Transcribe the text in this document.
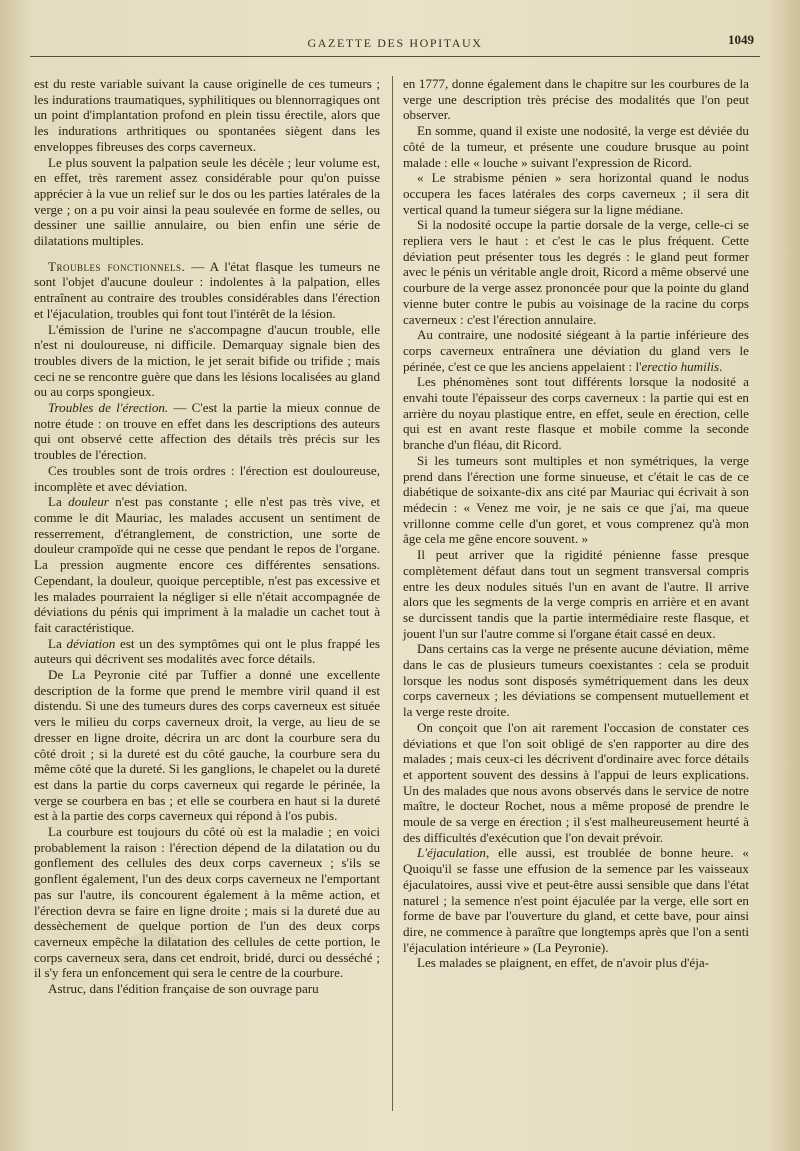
GAZETTE DES HOPITAUX	1049

est du reste variable suivant la cause originelle de ces tumeurs ; les indurations traumatiques, syphilitiques ou blennorragiques ont un point d'implantation profond en plein tissu érectile, alors que les indurations arthritiques ou spontanées siègent dans les enveloppes fibreuses des corps caverneux.

Le plus souvent la palpation seule les décèle ; leur volume est, en effet, très rarement assez considérable pour qu'on puisse apprécier à la vue un relief sur le dos ou les parties latérales de la verge ; on a pu voir ainsi la peau soulevée en forme de selles, ou dessiner une saillie annulaire, ou bien enfin une série de dilatations multiples.

Troubles fonctionnels. — A l'état flasque les tumeurs ne sont l'objet d'aucune douleur : indolentes à la palpation, elles entraînent au contraire des troubles considérables dans l'érection et l'éjaculation, troubles qui font tout l'intérêt de la lésion.

L'émission de l'urine ne s'accompagne d'aucun trouble, elle n'est ni douloureuse, ni difficile. Demarquay signale bien des troubles divers de la miction, le jet serait bifide ou trifide ; mais ceci ne se rencontre guère que dans les lésions localisées au gland ou au corps spongieux.

Troubles de l'érection. — C'est la partie la mieux connue de notre étude : on trouve en effet dans les descriptions des auteurs qui ont observé cette affection des détails très précis sur les troubles de l'érection.

Ces troubles sont de trois ordres : l'érection est douloureuse, incomplète et avec déviation.

La douleur n'est pas constante ; elle n'est pas très vive, et comme le dit Mauriac, les malades accusent un sentiment de resserrement, d'étranglement, de constriction, une sorte de douleur crampoïde qui ne cesse que pendant le repos de l'organe. La pression augmente encore ces différentes sensations. Cependant, la douleur, quoique perceptible, n'est pas excessive et les malades pourraient la négliger si elle n'était accompagnée de déviations du pénis qui impriment à la maladie un cachet tout à fait caractéristique.

La déviation est un des symptômes qui ont le plus frappé les auteurs qui décrivent ses modalités avec force détails.

De La Peyronie cité par Tuffier a donné une excellente description de la forme que prend le membre viril quand il est distendu. Si une des tumeurs dures des corps caverneux est située vers le milieu du corps caverneux droit, la verge, au lieu de se dresser en ligne droite, décrira un arc dont la courbure sera du côté droit ; si la dureté est du côté gauche, la courbure sera du même côté que la dureté. Si les ganglions, le chapelet ou la dureté est dans la partie du corps caverneux qui regarde le périnée, la verge se courbera en bas ; et elle se courbera en haut si la dureté est à la partie des corps caverneux qui répond à l'os pubis.

La courbure est toujours du côté où est la maladie ; en voici probablement la raison : l'érection dépend de la dilatation ou du gonflement des cellules des deux corps caverneux ; s'ils se gonflent également, l'un des deux corps caverneux ne l'emportant pas sur l'autre, ils concourent également à la même action, et l'érection devra se faire en ligne droite ; mais si la dureté due au dessèchement de quelque portion de l'un des deux corps caverneux empêche la dilatation des cellules de cette portion, le corps caverneux sera, dans cet endroit, bridé, durci ou desséché ; il s'y fera un enfoncement qui sera le centre de la courbure.

Astruc, dans l'édition française de son ouvrage paru

en 1777, donne également dans le chapitre sur les courbures de la verge une description très précise des modalités que l'on peut observer.

En somme, quand il existe une nodosité, la verge est déviée du côté de la tumeur, et présente une coudure brusque au point malade : elle « louche » suivant l'expression de Ricord.

« Le strabisme pénien » sera horizontal quand le nodus occupera les faces latérales des corps caverneux ; il sera dit vertical quand la tumeur siégera sur la ligne médiane.

Si la nodosité occupe la partie dorsale de la verge, celle-ci se repliera vers le haut : et c'est le cas le plus fréquent. Cette déviation peut présenter tous les degrés : le gland peut former avec le pénis un véritable angle droit, Ricord a même observé une courbure de la verge assez prononcée pour que la pointe du gland vienne buter contre le pubis au voisinage de la racine du corps caverneux : c'est l'érection annulaire.

Au contraire, une nodosité siégeant à la partie inférieure des corps caverneux entraînera une déviation du gland vers le périnée, c'est ce que les anciens appelaient : l'erectio humilis.

Les phénomènes sont tout différents lorsque la nodosité a envahi toute l'épaisseur des corps caverneux : la partie qui est en arrière du noyau plastique entre, en effet, seule en érection, celle qui est en avant reste flasque et mobile comme la seconde branche d'un fléau, dit Ricord.

Si les tumeurs sont multiples et non symétriques, la verge prend dans l'érection une forme sinueuse, et c'était le cas de ce diabétique de soixante-dix ans cité par Mauriac qui écrivait à son médecin : « Venez me voir, je ne sais ce que j'ai, ma queue vrillonne comme celle d'un goret, et vous comprenez qu'à mon âge cela me gêne encore souvent. »

Il peut arriver que la rigidité pénienne fasse presque complètement défaut dans tout un segment transversal compris entre les deux nodules situés l'un en avant de l'autre. Il arrive alors que les segments de la verge compris en arrière et en avant se durcissent tandis que la partie intermédiaire reste flasque, et jouent l'un sur l'autre comme si l'organe était cassé en deux.

Dans certains cas la verge ne présente aucune déviation, même dans le cas de plusieurs tumeurs coexistantes : cela se produit lorsque les nodus sont disposés symétriquement dans les deux corps caverneux ; les déviations se compensent mutuellement et la verge reste droite.

On conçoit que l'on ait rarement l'occasion de constater ces déviations et que l'on soit obligé de s'en rapporter au dire des malades ; mais ceux-ci les décrivent d'ordinaire avec force détails et apportent souvent des dessins à l'appui de leurs explications. Un des malades que nous avons observés dans le service de notre maître, le docteur Rochet, nous a même proposé de prendre le moule de sa verge en érection ; il s'est malheureusement heurté à des difficultés d'exécution que l'on devait prévoir.

L'éjaculation, elle aussi, est troublée de bonne heure. « Quoiqu'il se fasse une effusion de la semence par les vaisseaux éjaculatoires, aussi vive et peut-être aussi sensible que dans l'état naturel ; la semence n'est point éjaculée par la verge, elle sort en forme de bave par l'ouverture du gland, et cette bave, pour ainsi dire, ne commence à paraître que longtemps après que l'on a senti l'éjaculation intérieure » (La Peyronie).

Les malades se plaignent, en effet, de n'avoir plus d'éja-
